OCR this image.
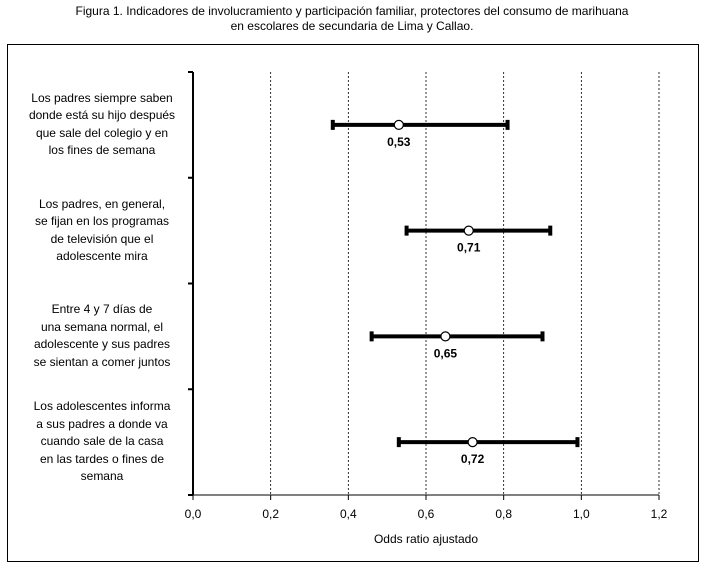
Figura 1. Indicadores de involucramiento y participación familiar, protectores del consumo de marihuana
en escolares de secundaria de Lima y Callao.
Los padres siempre saben
donde está su hijo después
que sale del colegio y en
los fines de semana
Los padres, en general,
se fijan en los programas
de televisión que el
adolescente mira
Entre 4 y 7 días de
una semana normal, el
adolescente y sus padres
se sientan a comer juntos
Los adolescentes informa
a sus padres a donde va
cuando sale de la casa
en las tardes o fines de
semana
0,0	0,2	0,4	0,6	0,8	1,0	1,2
Odds ratio ajustado
0,53
0,71
0,65
0,72
